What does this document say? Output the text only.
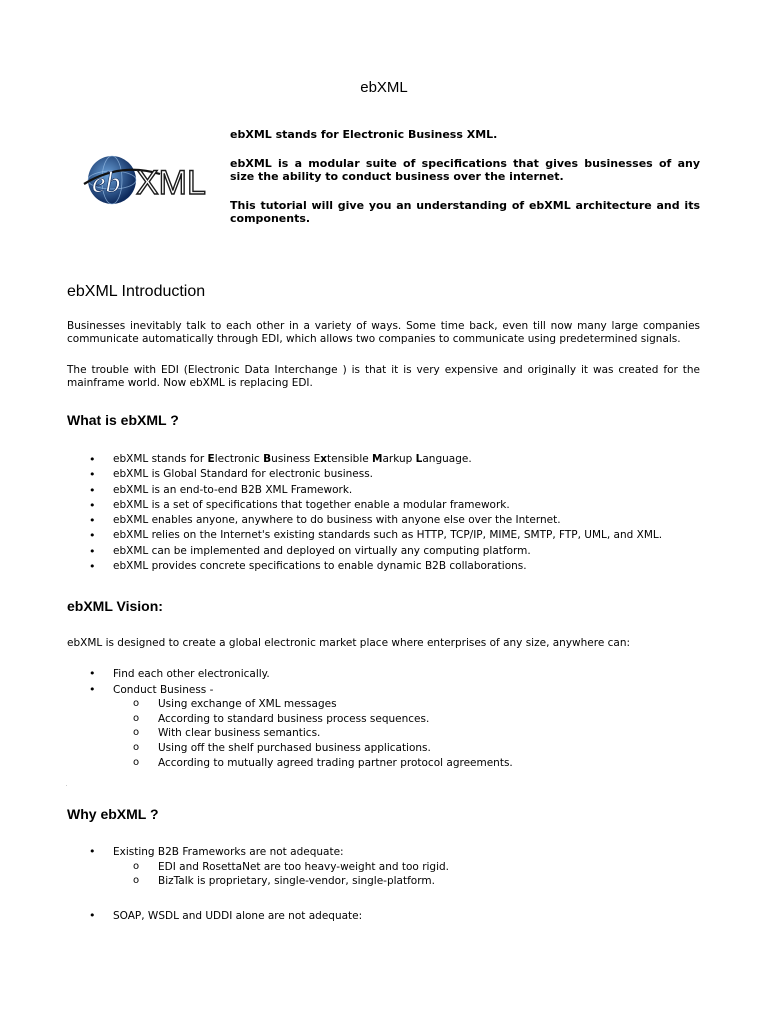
ebXML
eb XML

ebXML stands for Electronic Business XML.

ebXML is a modular suite of specifications that gives businesses of any size the ability to conduct business over the internet.

This tutorial will give you an understanding of ebXML architecture and its components.

ebXML Introduction

Businesses inevitably talk to each other in a variety of ways. Some time back, even till now many large companies communicate automatically through EDI, which allows two companies to communicate using predetermined signals.

The trouble with EDI (Electronic Data Interchange ) is that it is very expensive and originally it was created for the mainframe world. Now ebXML is replacing EDI.

What is ebXML ?
• ebXML stands for Electronic Business Extensible Markup Language.
• ebXML is Global Standard for electronic business.
• ebXML is an end-to-end B2B XML Framework.
• ebXML is a set of specifications that together enable a modular framework.
• ebXML enables anyone, anywhere to do business with anyone else over the Internet.
• ebXML relies on the Internet's existing standards such as HTTP, TCP/IP, MIME, SMTP, FTP, UML, and XML.
• ebXML can be implemented and deployed on virtually any computing platform.
• ebXML provides concrete specifications to enable dynamic B2B collaborations.
ebXML Vision:

ebXML is designed to create a global electronic market place where enterprises of any size, anywhere can:

• Find each other electronically.
• Conduct Business -
o Using exchange of XML messages
o According to standard business process sequences.
o With clear business semantics.
o Using off the shelf purchased business applications.
o According to mutually agreed trading partner protocol agreements.
Why ebXML ?
• Existing B2B Frameworks are not adequate:
o EDI and RosettaNet are too heavy-weight and too rigid.
o BizTalk is proprietary, single-vendor, single-platform.
• SOAP, WSDL and UDDI alone are not adequate:
